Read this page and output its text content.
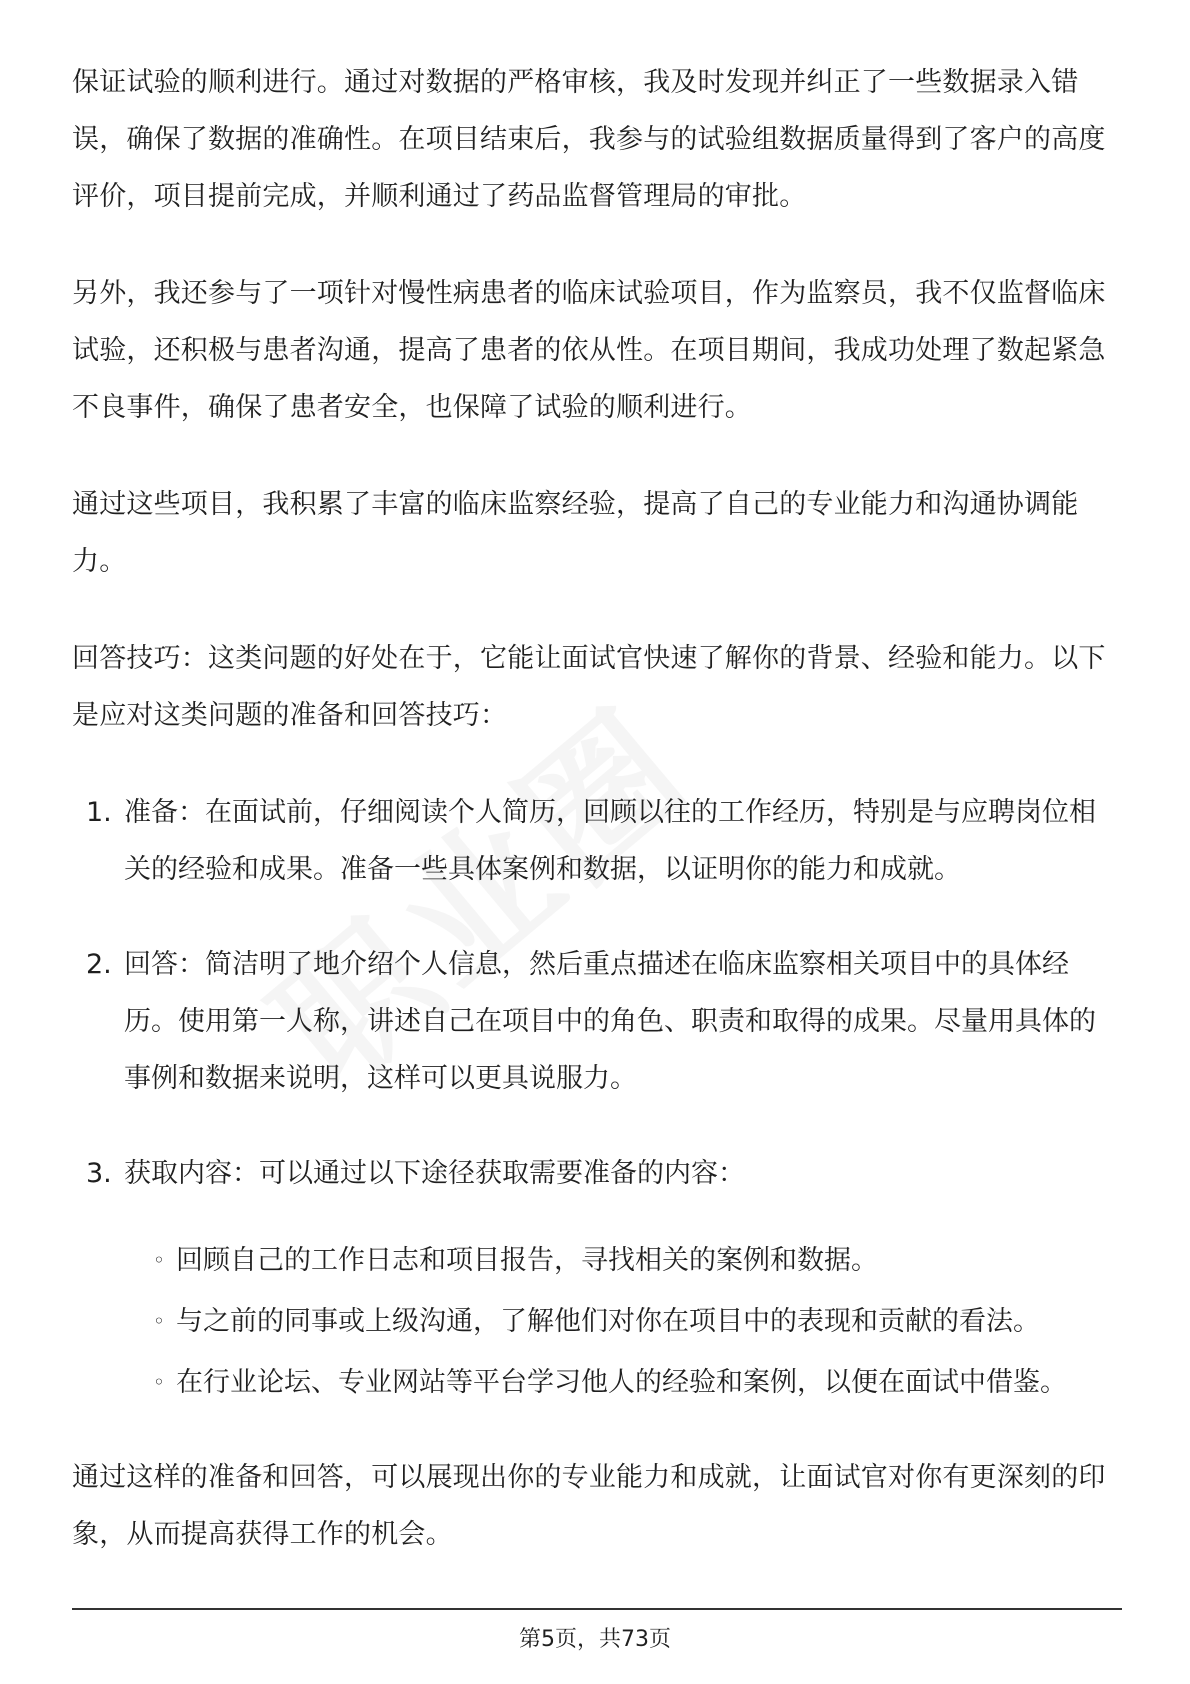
保证试验的顺利进行。通过对数据的严格审核，我及时发现并纠正了一些数据录入错误，确保了数据的准确性。在项目结束后，我参与的试验组数据质量得到了客户的高度评价，项目提前完成，并顺利通过了药品监督管理局的审批。

另外，我还参与了一项针对慢性病患者的临床试验项目，作为监察员，我不仅监督临床试验，还积极与患者沟通，提高了患者的依从性。在项目期间，我成功处理了数起紧急不良事件，确保了患者安全，也保障了试验的顺利进行。

通过这些项目，我积累了丰富的临床监察经验，提高了自己的专业能力和沟通协调能力。

回答技巧：这类问题的好处在于，它能让面试官快速了解你的背景、经验和能力。以下是应对这类问题的准备和回答技巧：

1. 准备：在面试前，仔细阅读个人简历，回顾以往的工作经历，特别是与应聘岗位相关的经验和成果。准备一些具体案例和数据，以证明你的能力和成就。
2. 回答：简洁明了地介绍个人信息，然后重点描述在临床监察相关项目中的具体经历。使用第一人称，讲述自己在项目中的角色、职责和取得的成果。尽量用具体的事例和数据来说明，这样可以更具说服力。
3. 获取内容：可以通过以下途径获取需要准备的内容：
◦ 回顾自己的工作日志和项目报告，寻找相关的案例和数据。
◦ 与之前的同事或上级沟通，了解他们对你在项目中的表现和贡献的看法。
◦ 在行业论坛、专业网站等平台学习他人的经验和案例，以便在面试中借鉴。

通过这样的准备和回答，可以展现出你的专业能力和成就，让面试官对你有更深刻的印象，从而提高获得工作的机会。

第5页，共73页
